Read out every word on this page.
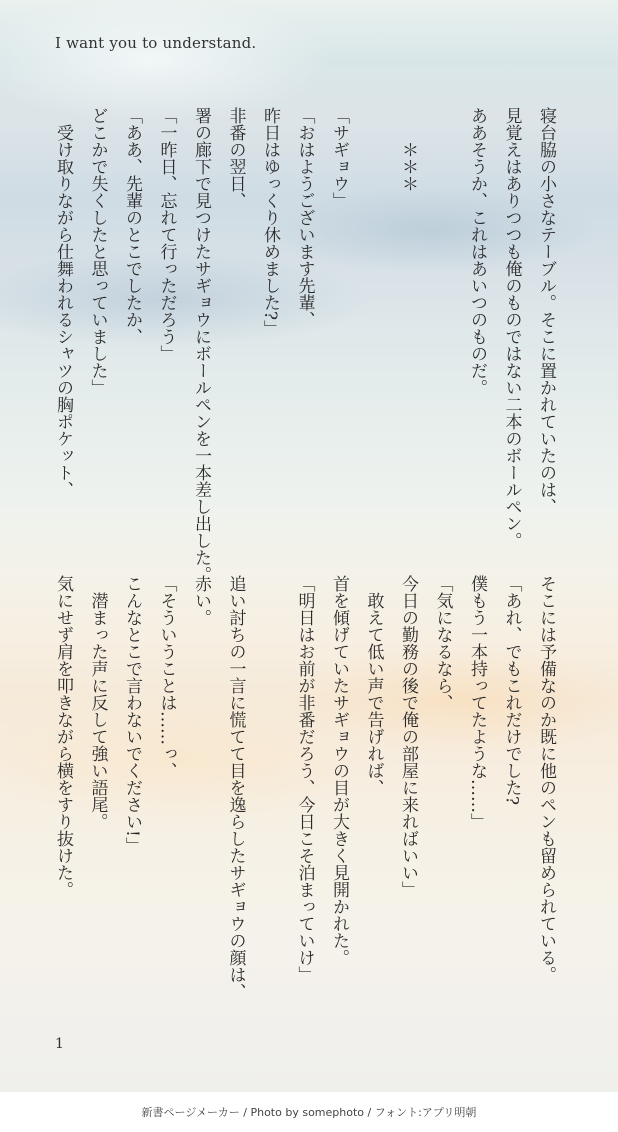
I want you to understand.

寝台脇の小さなテーブル。そこに置かれていたのは、見覚えはありつつも俺のものではない二本のボールペン。ああそうか、これはあいつのものだ。

　　＊＊＊

「サギョウ」
「おはようございます先輩、昨日はゆっくり休めました?」
非番の翌日、署の廊下で見つけたサギョウにボールペンを一本差し出した。
「一昨日、忘れて行っただろう」
「ああ、先輩のとこでしたか、どこかで失くしたと思っていました」
　受け取りながら仕舞われるシャツの胸ポケット、

そこには予備なのか既に他のペンも留められている。
「あれ、でもこれだけでした?　僕もう一本持ってたような……」
「気になるなら、今日の勤務の後で俺の部屋に来ればいい」
　敢えて低い声で告げれば、首を傾げていたサギョウの目が大きく見開かれた。
「明日はお前が非番だろう、今日こそ泊まっていけ」
　追い討ちの一言に慌てて目を逸らしたサギョウの顔は、赤い。
「そういうことは……っ、こんなとこで言わないでください!」
　潜まった声に反して強い語尾。気にせず肩を叩きながら横をすり抜けた。

1
新書ページメーカー / Photo by somephoto / フォント:アプリ明朝
